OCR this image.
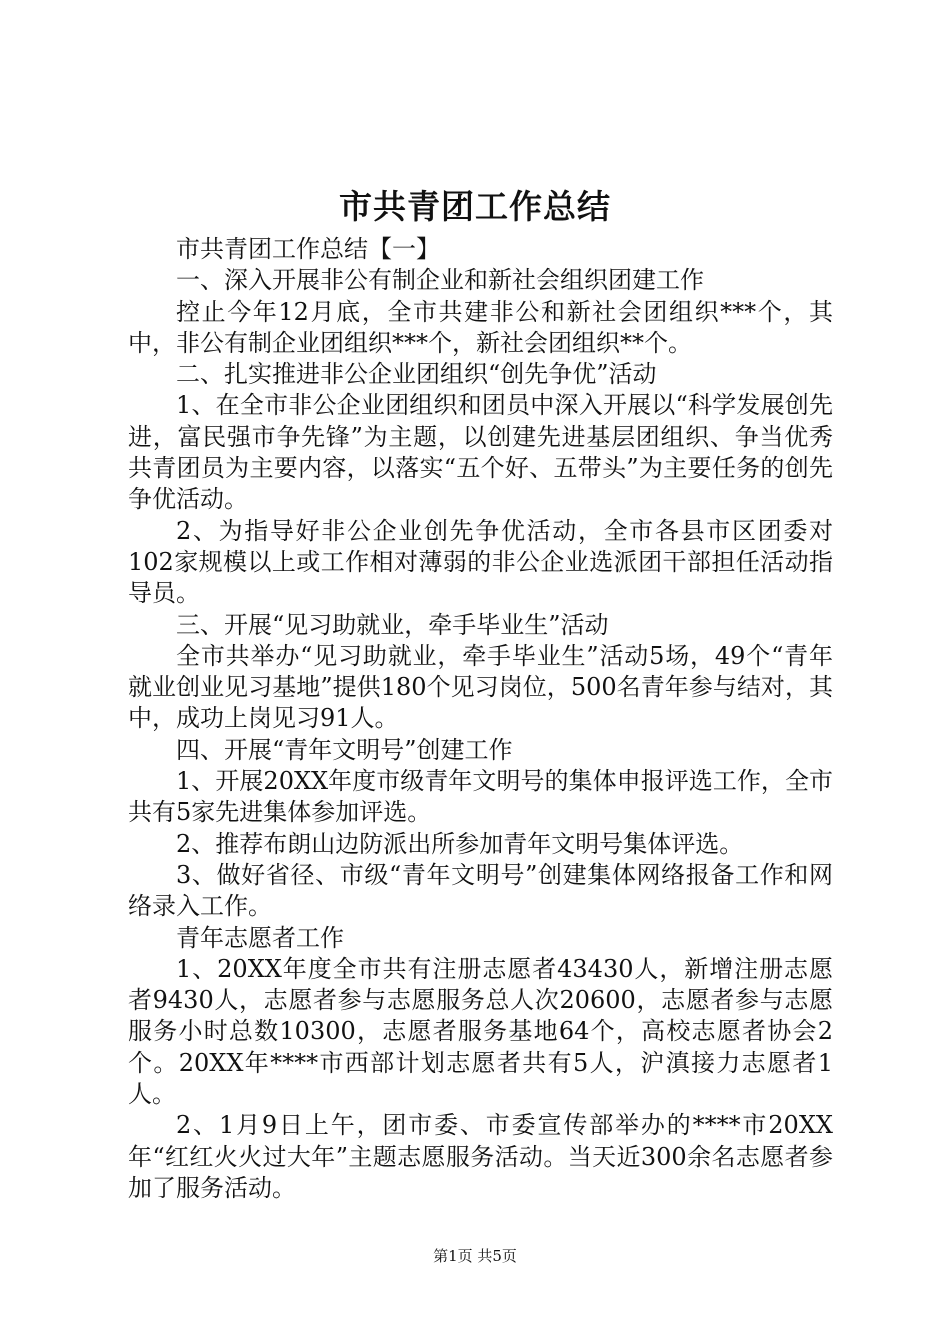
市共青团工作总结

市共青团工作总结【一】

一、深入开展非公有制企业和新社会组织团建工作

控止今年12月底，全市共建非公和新社会团组织***个，其中，非公有制企业团组织***个，新社会团组织**个。

二、扎实推进非公企业团组织“创先争优”活动

1、在全市非公企业团组织和团员中深入开展以“科学发展创先进，富民强市争先锋”为主题，以创建先进基层团组织、争当优秀共青团员为主要内容，以落实“五个好、五带头”为主要任务的创先争优活动。

2、为指导好非公企业创先争优活动，全市各县市区团委对102家规模以上或工作相对薄弱的非公企业选派团干部担任活动指导员。

三、开展“见习助就业，牵手毕业生”活动

全市共举办“见习助就业，牵手毕业生”活动5场，49个“青年就业创业见习基地”提供180个见习岗位，500名青年参与结对，其中，成功上岗见习91人。

四、开展“青年文明号”创建工作

1、开展20XX年度市级青年文明号的集体申报评选工作，全市共有5家先进集体参加评选。

2、推荐布朗山边防派出所参加青年文明号集体评选。

3、做好省径、市级“青年文明号”创建集体网络报备工作和网络录入工作。

青年志愿者工作

1、20XX年度全市共有注册志愿者43430人，新增注册志愿者9430人，志愿者参与志愿服务总人次20600，志愿者参与志愿服务小时总数10300，志愿者服务基地64个，高校志愿者协会2个。20XX年****市西部计划志愿者共有5人，沪滇接力志愿者1人。

2、1月9日上午，团市委、市委宣传部举办的****市20XX年“红红火火过大年”主题志愿服务活动。当天近300余名志愿者参加了服务活动。

第1页 共5页
